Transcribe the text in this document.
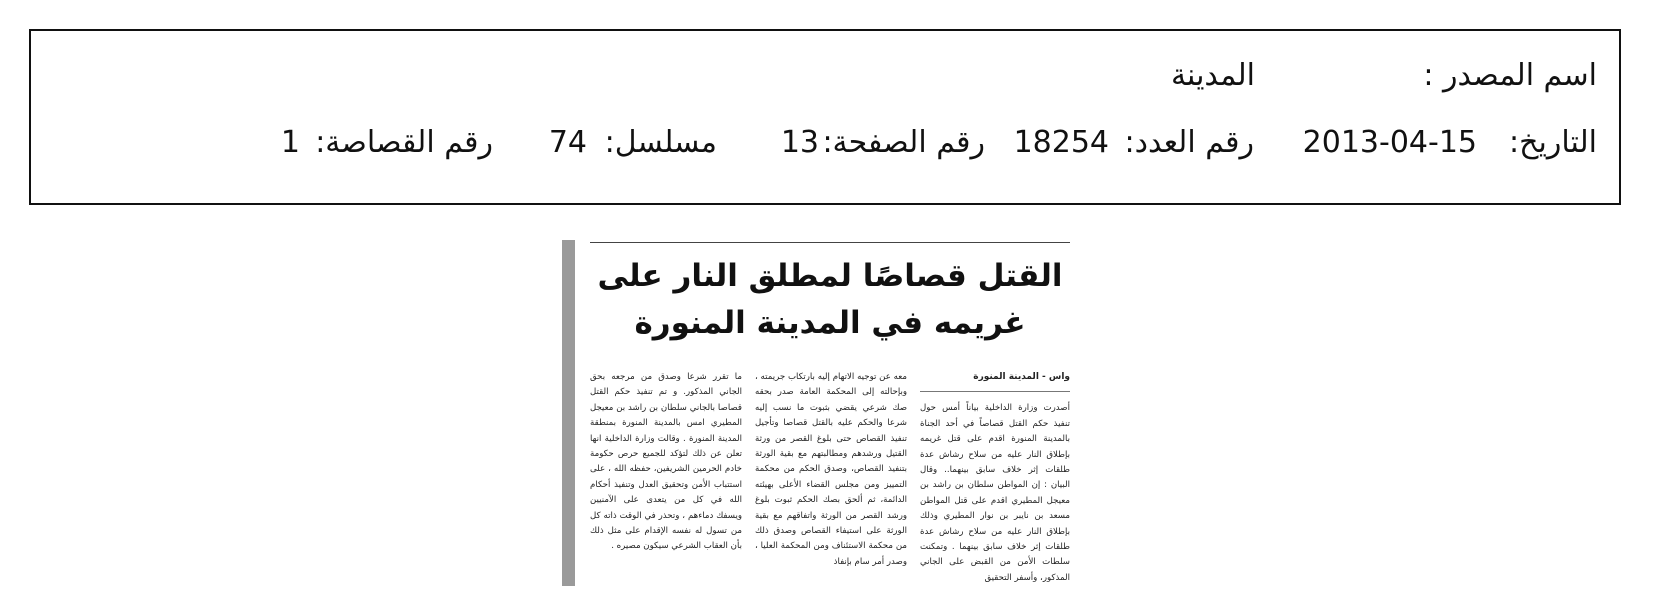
اسم المصدر :
المدينة
التاريخ:
2013-04-15
رقم العدد:
18254
رقم الصفحة:
13
مسلسل:
74
رقم القصاصة:
1
القتل قصاصًا لمطلق النار على
غريمه في المدينة المنورة
واس - المدينة المنورة

أصدرت وزارة الداخلية بياناً أمس حول تنفيذ حكم القتل قصاصاً في أحد الجناة بالمدينة المنورة اقدم على قتل غريمه بإطلاق النار عليه من سلاح رشاش عدة طلقات إثر خلاف سابق بينهما.. وقال البيان : إن المواطن سلطان بن راشد بن معيجل المطيري اقدم على قتل المواطن مسعد بن نايبر بن نوار المطيري وذلك بإطلاق النار عليه من سلاح رشاش عدة طلقات إثر خلاف سابق بينهما . وتمكنت سلطات الأمن من القبض على الجاني المذكور، وأسفر التحقيق

معه عن توجيه الاتهام إليه بارتكاب جريمته ، وبإحالته إلى المحكمة العامة صدر بحقه صك شرعي يقضي بثبوت ما نسب إليه شرعا والحكم عليه بالقتل قصاصا وتأجيل تنفيذ القصاص حتى بلوغ القصر من ورثة القتيل ورشدهم ومطالبتهم مع بقية الورثة بتنفيذ القصاص، وصدق الحكم من محكمة التمييز ومن مجلس القضاء الأعلى بهيئته الدائمة، ثم ألحق بصك الحكم ثبوت بلوغ ورشد القصر من الورثة واتفاقهم مع بقية الورثة على استيفاء القصاص وصدق ذلك من محكمة الاستئناف ومن المحكمة العليا ، وصدر أمر سام بإنفاذ

ما تقرر شرعا وصدق من مرجعه بحق الجاني المذكور. و تم تنفيذ حكم القتل قصاصا بالجاني سلطان بن راشد بن معيجل المطيري امس بالمدينة المنورة بمنطقة المدينة المنورة . وقالت وزارة الداخلية انها تعلن عن ذلك لتؤكد للجميع حرص حكومة خادم الحرمين الشريفين، حفظه الله ، على استتباب الأمن وتحقيق العدل وتنفيذ أحكام الله في كل من يتعدى على الآمنيين ويسفك دماءهم ، وتحذر في الوقت ذاته كل من تسول له نفسه الإقدام على مثل ذلك بأن العقاب الشرعي سيكون مصيره .
